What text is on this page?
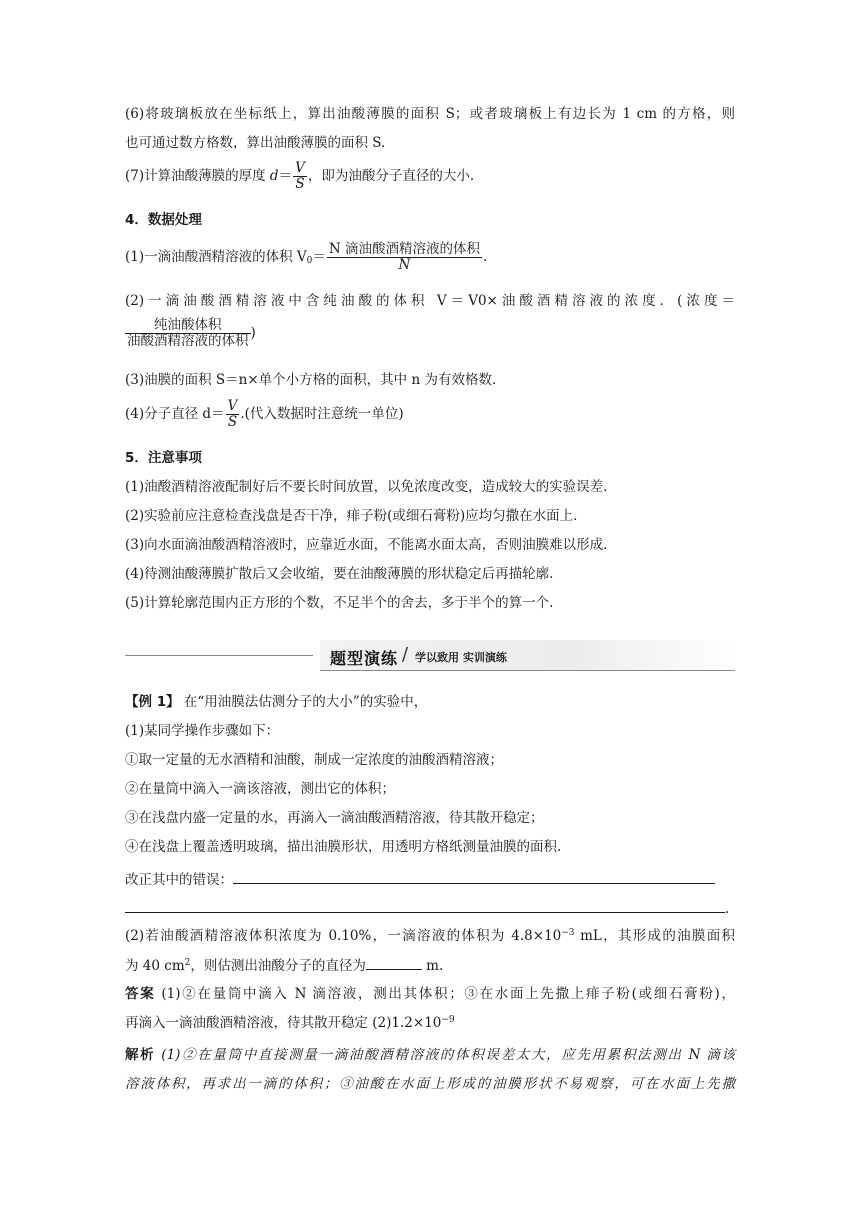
(6)将玻璃板放在坐标纸上，算出油酸薄膜的面积 S；或者玻璃板上有边长为 1 cm 的方格，则
也可通过数方格数，算出油酸薄膜的面积 S.
(7)计算油酸薄膜的厚度 $d= \frac{V}{S}$ ，即为油酸分子直径的大小.
4．数据处理
(1)一滴油酸酒精溶液的体积 $V_0= \frac{\text{N 滴油酸酒精溶液的体积}}{N}$ .
(2)一滴油酸酒精溶液中含纯油酸的体积 V＝V0×油酸酒精溶液的浓度．(浓度＝
$\frac{\text{纯油酸体积}}{\text{油酸酒精溶液的体积}}$ )
(3)油膜的面积 S＝n×单个小方格的面积，其中 n 为有效格数.
(4)分子直径 $d= \frac{V}{S}$ .(代入数据时注意统一单位)
5．注意事项
(1)油酸酒精溶液配制好后不要长时间放置，以免浓度改变，造成较大的实验误差.
(2)实验前应注意检查浅盘是否干净，痱子粉(或细石膏粉)应均匀撒在水面上.
(3)向水面滴油酸酒精溶液时，应靠近水面，不能离水面太高，否则油膜难以形成.
(4)待测油酸薄膜扩散后又会收缩，要在油酸薄膜的形状稳定后再描轮廓.
(5)计算轮廓范围内正方形的个数，不足半个的舍去，多于半个的算一个.
题型演练 / 学以致用 实训演练
【例 1】 在“用油膜法估测分子的大小”的实验中，
(1)某同学操作步骤如下：
①取一定量的无水酒精和油酸，制成一定浓度的油酸酒精溶液；
②在量筒中滴入一滴该溶液，测出它的体积；
③在浅盘内盛一定量的水，再滴入一滴油酸酒精溶液，待其散开稳定；
④在浅盘上覆盖透明玻璃，描出油膜形状，用透明方格纸测量油膜的面积.
改正其中的错误：
.
(2)若油酸酒精溶液体积浓度为 0.10%，一滴溶液的体积为 $4.8\times 10^{-3}$ mL，其形成的油膜面积
为 40 $cm^2$，则估测出油酸分子的直径为	m.
答案 (1)②在量筒中滴入 N 滴溶液，测出其体积；③在水面上先撒上痱子粉(或细石膏粉)，
再滴入一滴油酸酒精溶液，待其散开稳定 $(2)1.2\times 10^{-9}$
解析 (1)②在量筒中直接测量一滴油酸酒精溶液的体积误差太大，应先用累积法测出 N 滴该
溶液体积，再求出一滴的体积；③油酸在水面上形成的油膜形状不易观察，可在水面上先撒
